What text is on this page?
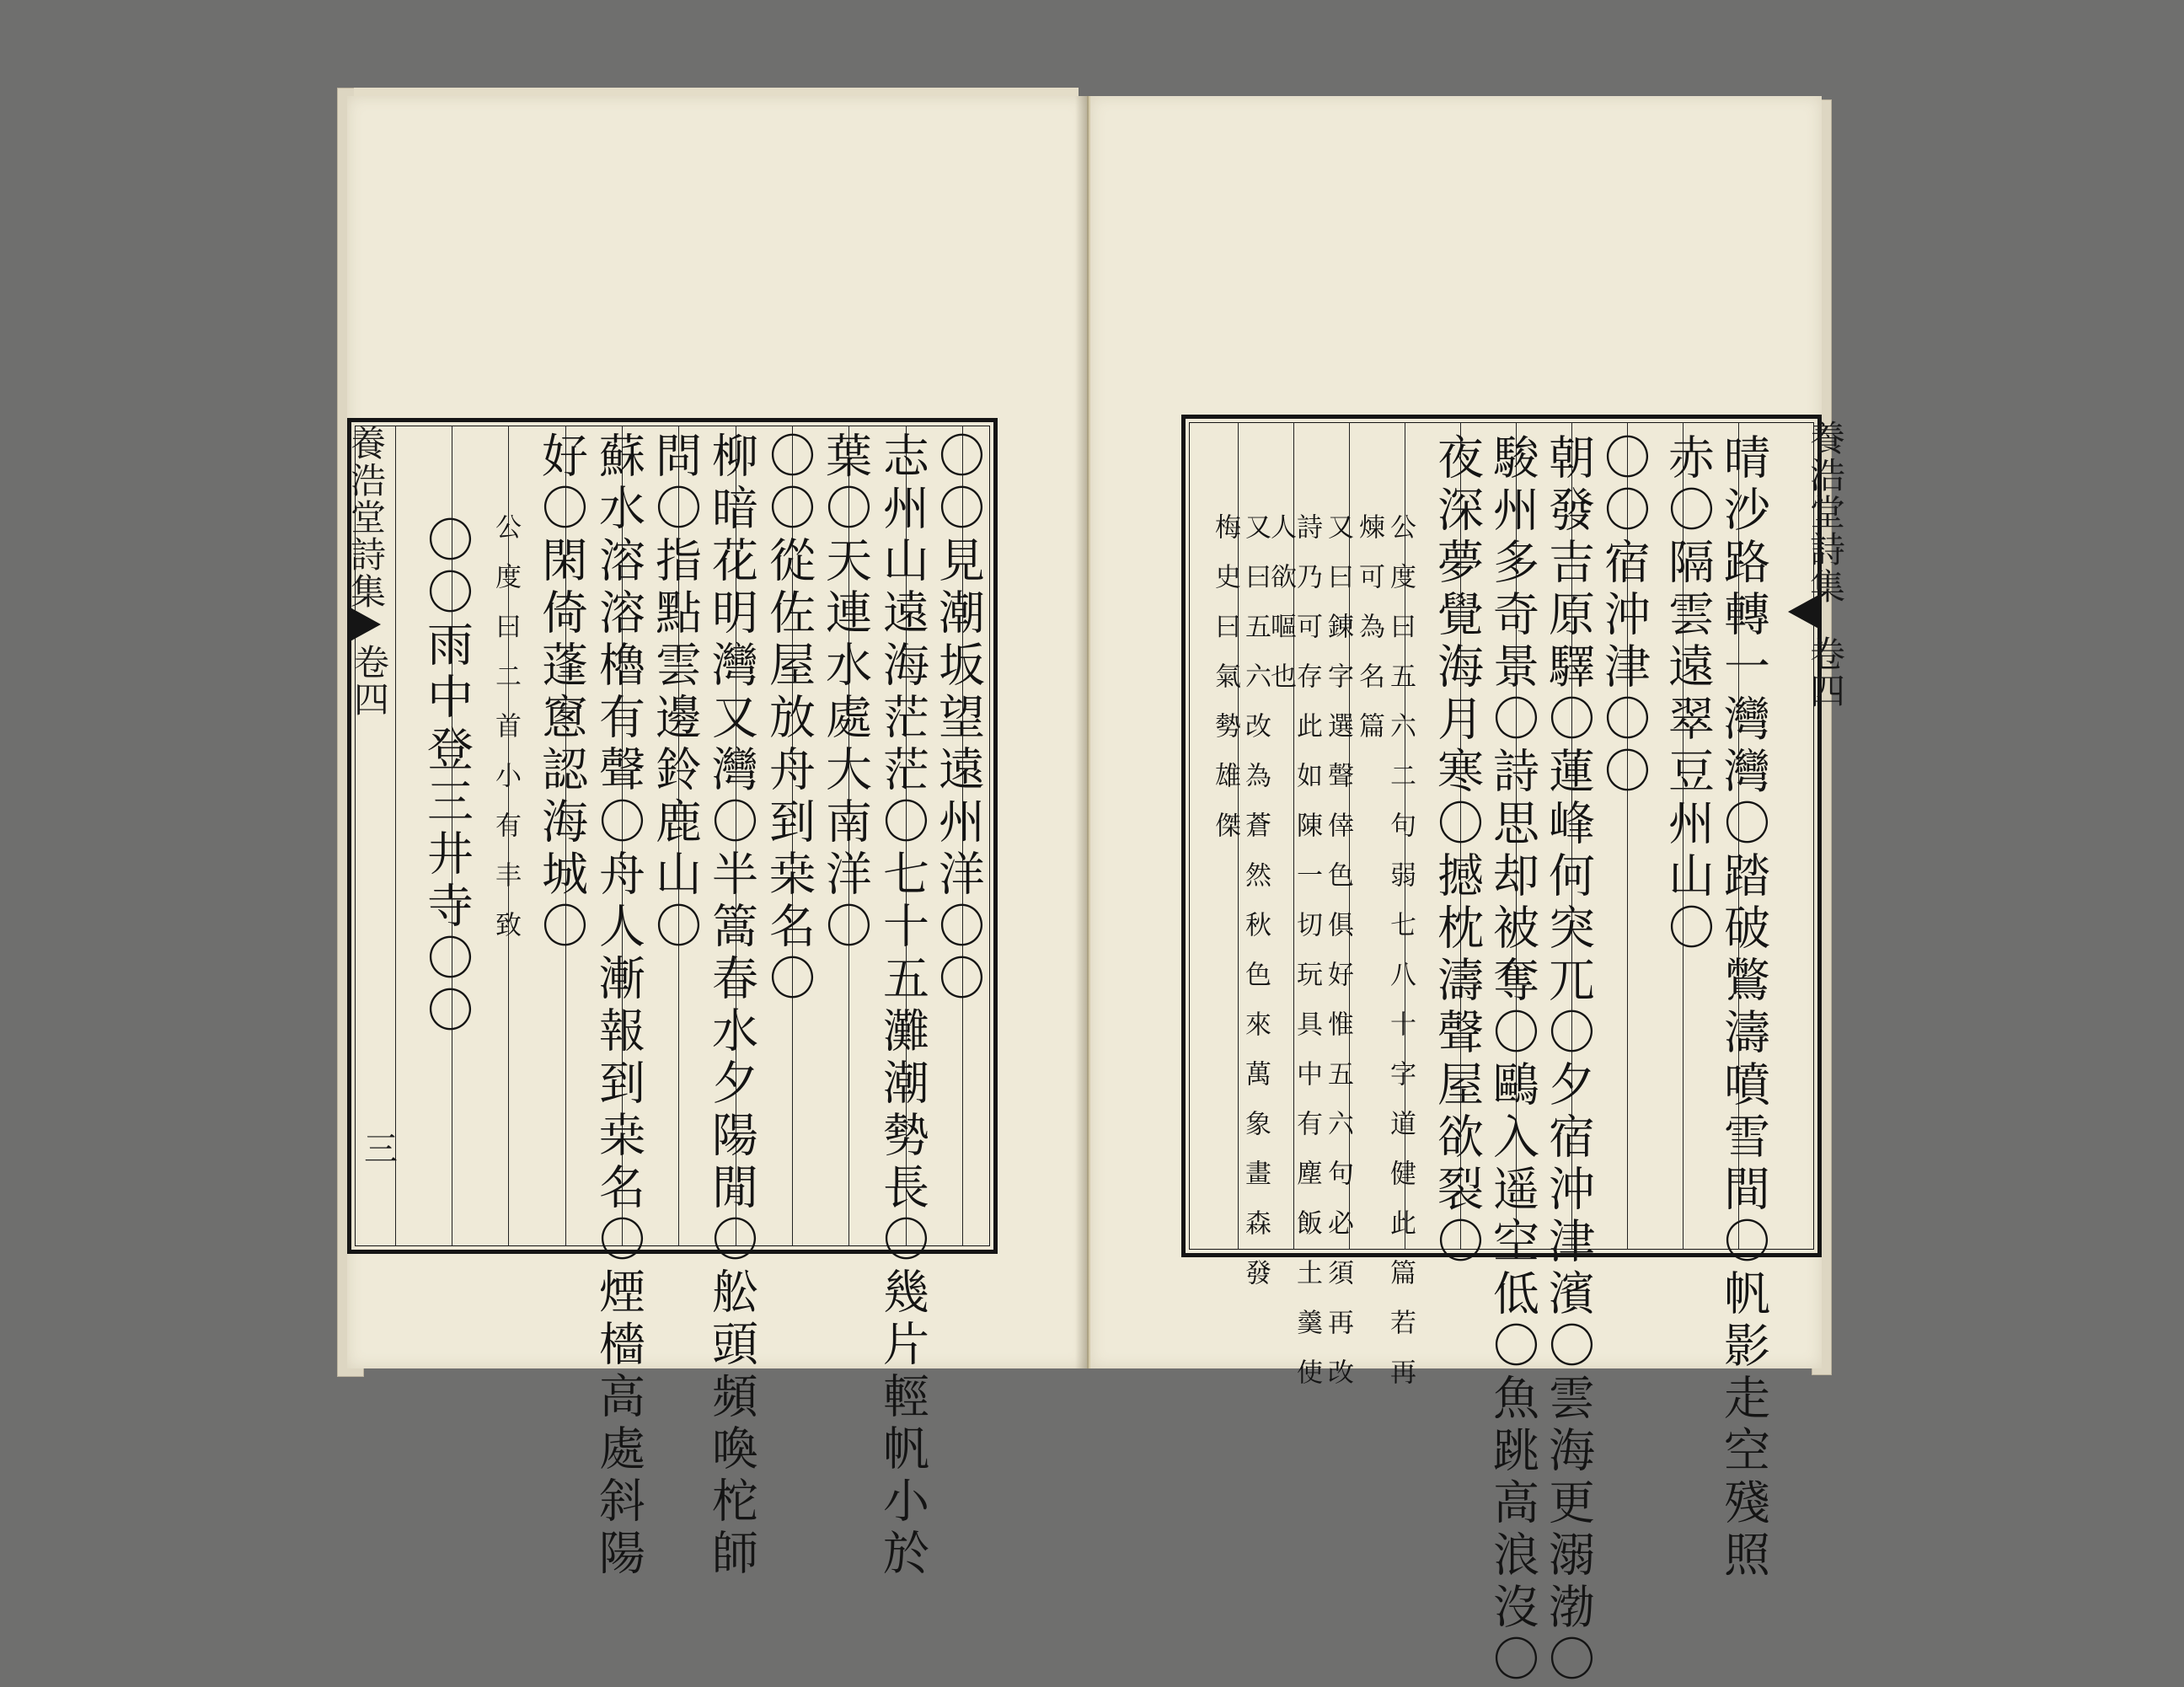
養浩堂詩集
卷四
三
〇〇見潮坂望遠州洋〇〇
志州山遠海茫茫〇七十五灘潮勢長〇幾片輕帆小於
葉〇天連水處大南洋〇
〇〇從佐屋放舟到桒名〇
柳暗花明灣又灣〇半篙春水夕陽閒〇舩頭頻喚柁師
問〇指點雲邊鈴鹿山〇
蘇水溶溶櫓有聲〇舟人漸報到桒名〇煙檣高處斜陽
好〇閑倚蓬窻認海城〇
公度曰二首小有丰致
〇〇雨中登三井寺〇〇
養浩堂詩集
卷四
晴沙路轉一灣灣〇踏破鷩濤噴雪間〇帆影走空殘照
赤〇隔雲遠翠豆州山〇
〇〇宿沖津〇〇
朝發吉原驛〇蓮峰何突兀〇夕宿沖津濱〇雲海更溺渤〇
駿州多奇景〇詩思却被奪〇鷗入遥空低〇魚跳高浪沒〇
夜深夢覺海月寒〇撼枕濤聲屋欲裂〇
公度曰五六二句弱七八十字道健此篇若再
煉可為名篇
又曰錬字選聲倖色俱好惟五六句必須再改
詩乃可存此如陳一切玩具中有塵飯土羹使
人欲嘔也
又曰五六改為蒼然秋色來萬象畫森發
梅史曰氣勢雄傑
